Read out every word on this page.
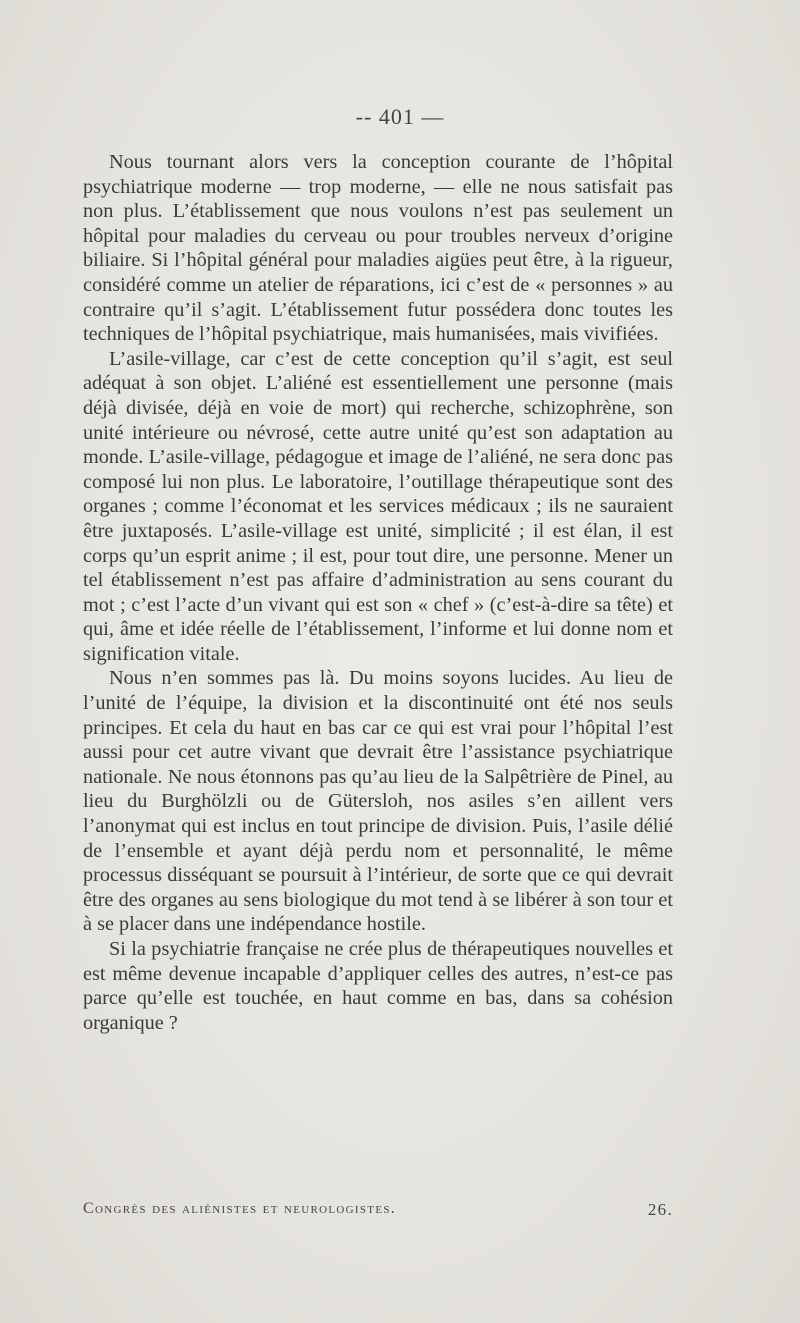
-- 401 —

Nous tournant alors vers la conception courante de l’hôpital psychiatrique moderne — trop moderne, — elle ne nous satisfait pas non plus. L’établissement que nous voulons n’est pas seulement un hôpital pour maladies du cerveau ou pour troubles nerveux d’origine biliaire. Si l’hôpital général pour maladies aigües peut être, à la rigueur, considéré comme un atelier de réparations, ici c’est de « personnes » au contraire qu’il s’agit. L’établissement futur possédera donc toutes les techniques de l’hôpital psychiatrique, mais humanisées, mais vivifiées.

L’asile-village, car c’est de cette conception qu’il s’agit, est seul adéquat à son objet. L’aliéné est essentiellement une personne (mais déjà divisée, déjà en voie de mort) qui recherche, schizophrène, son unité intérieure ou névrosé, cette autre unité qu’est son adaptation au monde. L’asile-village, pédagogue et image de l’aliéné, ne sera donc pas composé lui non plus. Le laboratoire, l’outillage thérapeutique sont des organes ; comme l’économat et les services médicaux ; ils ne sauraient être juxtaposés. L’asile-village est unité, simplicité ; il est élan, il est corps qu’un esprit anime ; il est, pour tout dire, une personne. Mener un tel établissement n’est pas affaire d’administration au sens courant du mot ; c’est l’acte d’un vivant qui est son « chef » (c’est-à-dire sa tête) et qui, âme et idée réelle de l’établissement, l’informe et lui donne nom et signification vitale.

Nous n’en sommes pas là. Du moins soyons lucides. Au lieu de l’unité de l’équipe, la division et la discontinuité ont été nos seuls principes. Et cela du haut en bas car ce qui est vrai pour l’hôpital l’est aussi pour cet autre vivant que devrait être l’assistance psychiatrique nationale. Ne nous étonnons pas qu’au lieu de la Salpêtrière de Pinel, au lieu du Burghölzli ou de Gütersloh, nos asiles s’en aillent vers l’anonymat qui est inclus en tout principe de division. Puis, l’asile délié de l’ensemble et ayant déjà perdu nom et personnalité, le même processus disséquant se poursuit à l’intérieur, de sorte que ce qui devrait être des organes au sens biologique du mot tend à se libérer à son tour et à se placer dans une indépendance hostile.

Si la psychiatrie française ne crée plus de thérapeutiques nouvelles et est même devenue incapable d’appliquer celles des autres, n’est-ce pas parce qu’elle est touchée, en haut comme en bas, dans sa cohésion organique ?

Congrès des aliénistes et neurologistes.	26.
